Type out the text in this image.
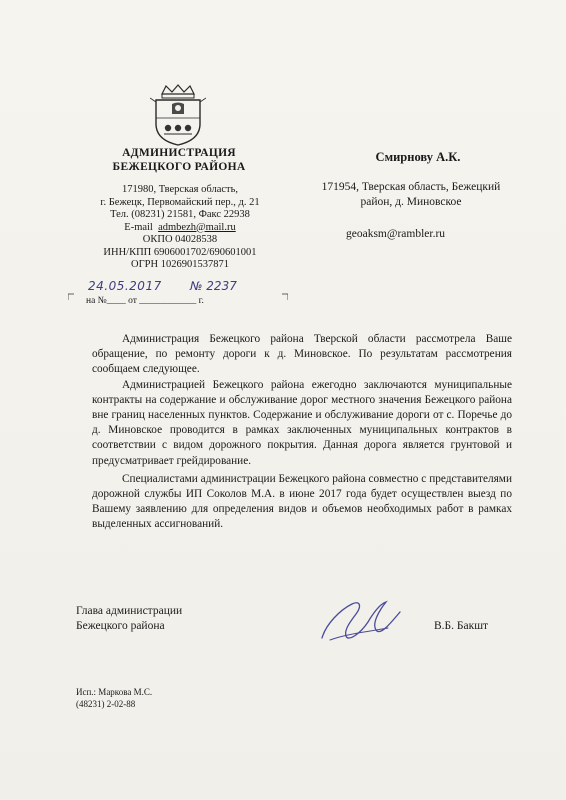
АДМИНИСТРАЦИЯ
БЕЖЕЦКОГО РАЙОНА
171980, Тверская область,
г. Бежецк, Первомайский пер., д. 21
Тел. (08231) 21581, Факс 22938
E-mail admbezh@mail.ru
ОКПО 04028538
ИНН/КПП 6906001702/690601001
ОГРН 1026901537871
24.05.2017 № 2237
на №____ от ____________ г.
Смирнову А.К.
171954, Тверская область, Бежецкий
район, д. Миновское
geoaksm@rambler.ru

Администрация Бежецкого района Тверской области рассмотрела Ваше обращение, по ремонту дороги к д. Миновское. По результатам рассмотрения сообщаем следующее.

Администрацией Бежецкого района ежегодно заключаются муниципальные контракты на содержание и обслуживание дорог местного значения Бежецкого района вне границ населенных пунктов. Содержание и обслуживание дороги от с. Поречье до д. Миновское проводится в рамках заключенных муниципальных контрактов в соответствии с видом дорожного покрытия. Данная дорога является грунтовой и предусматривает грейдирование.

Специалистами администрации Бежецкого района совместно с представителями дорожной службы ИП Соколов М.А. в июне 2017 года будет осуществлен выезд по Вашему заявлению для определения видов и объемов необходимых работ в рамках выделенных ассигнований.

Глава администрации
Бежецкого района	В.Б. Бакшт
Исп.: Маркова М.С.
(48231) 2-02-88
